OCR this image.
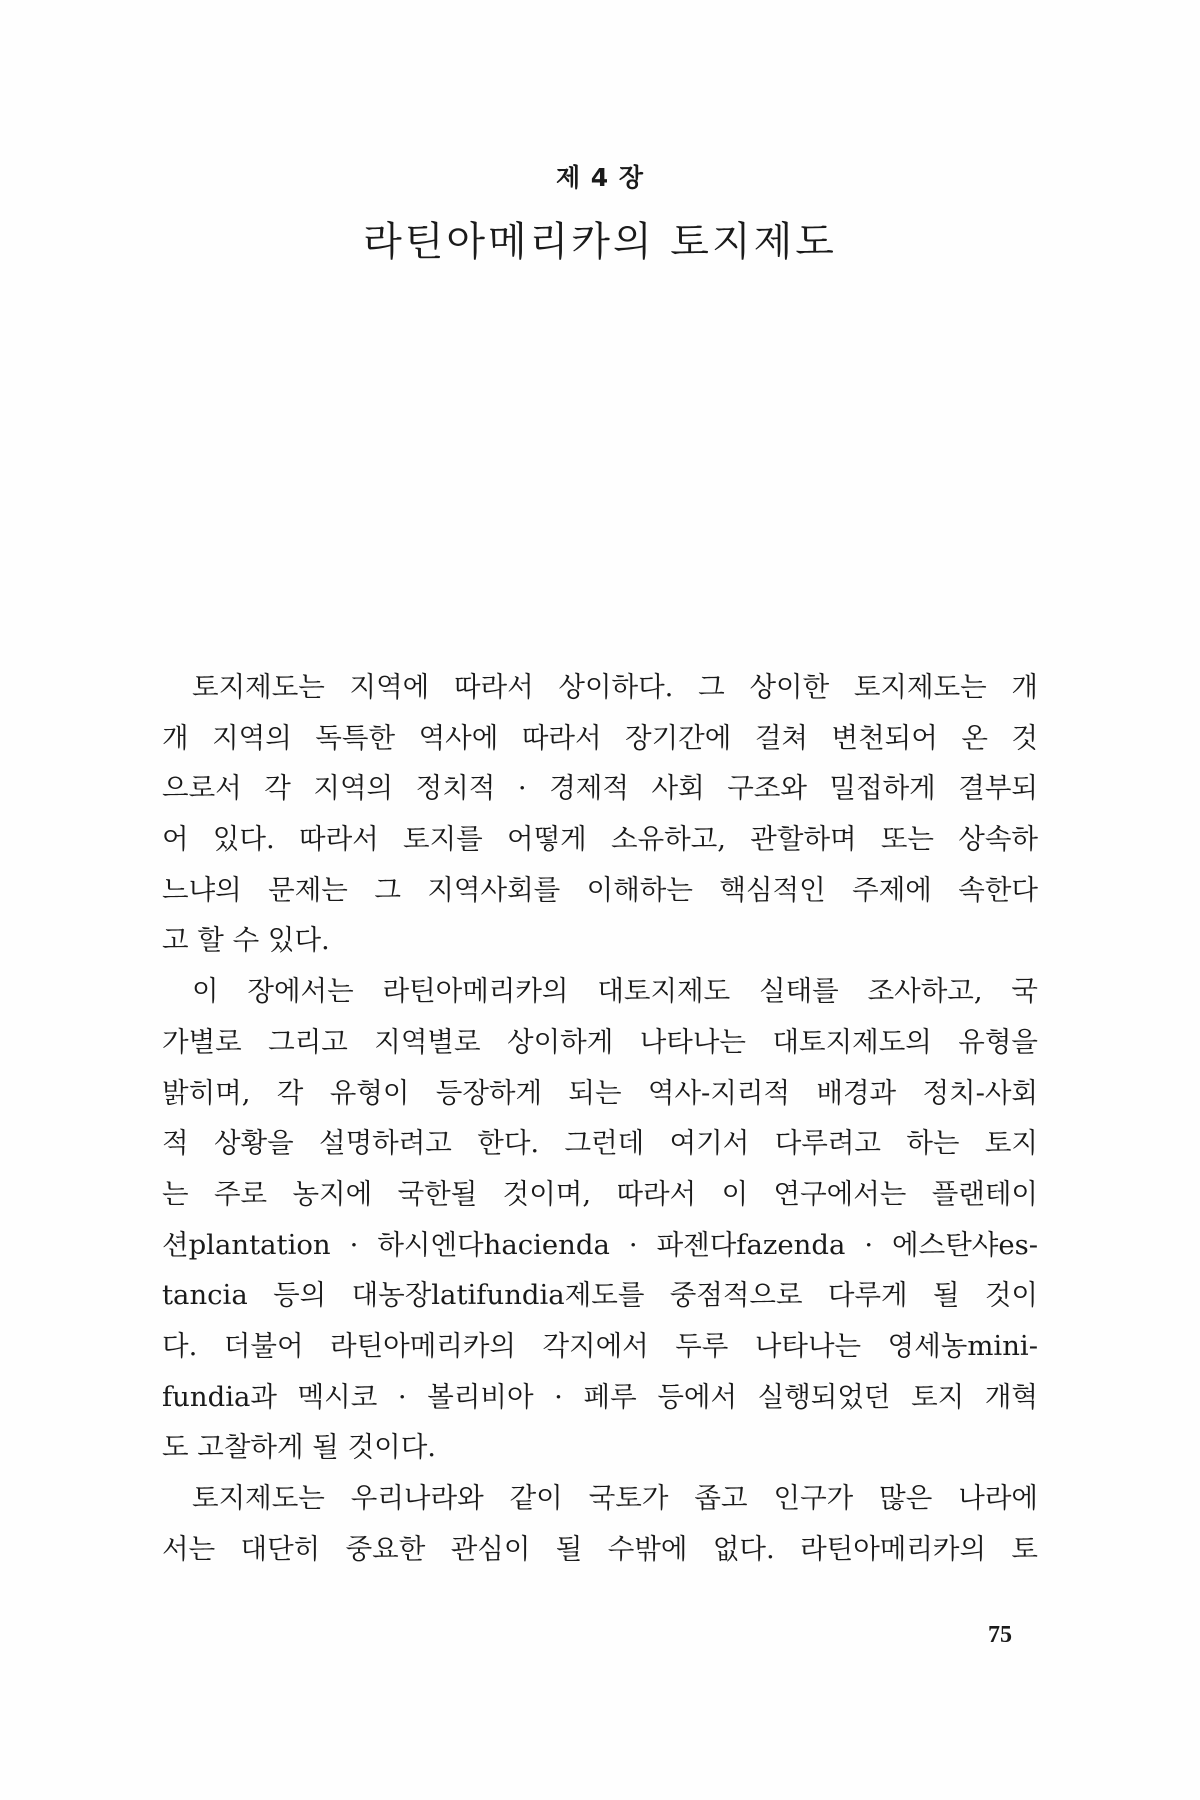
제 4 장
라틴아메리카의 토지제도
토지제도는 지역에 따라서 상이하다. 그 상이한 토지제도는 개
개 지역의 독특한 역사에 따라서 장기간에 걸쳐 변천되어 온 것
으로서 각 지역의 정치적 · 경제적 사회 구조와 밀접하게 결부되
어 있다. 따라서 토지를 어떻게 소유하고, 관할하며 또는 상속하
느냐의 문제는 그 지역사회를 이해하는 핵심적인 주제에 속한다
고 할 수 있다.
이 장에서는 라틴아메리카의 대토지제도 실태를 조사하고, 국
가별로 그리고 지역별로 상이하게 나타나는 대토지제도의 유형을
밝히며, 각 유형이 등장하게 되는 역사-지리적 배경과 정치-사회
적 상황을 설명하려고 한다. 그런데 여기서 다루려고 하는 토지
는 주로 농지에 국한될 것이며, 따라서 이 연구에서는 플랜테이
션plantation · 하시엔다hacienda · 파젠다fazenda · 에스탄샤es-
tancia 등의 대농장latifundia제도를 중점적으로 다루게 될 것이
다. 더불어 라틴아메리카의 각지에서 두루 나타나는 영세농mini-
fundia과 멕시코 · 볼리비아 · 페루 등에서 실행되었던 토지 개혁
도 고찰하게 될 것이다.
토지제도는 우리나라와 같이 국토가 좁고 인구가 많은 나라에
서는 대단히 중요한 관심이 될 수밖에 없다. 라틴아메리카의 토
75
